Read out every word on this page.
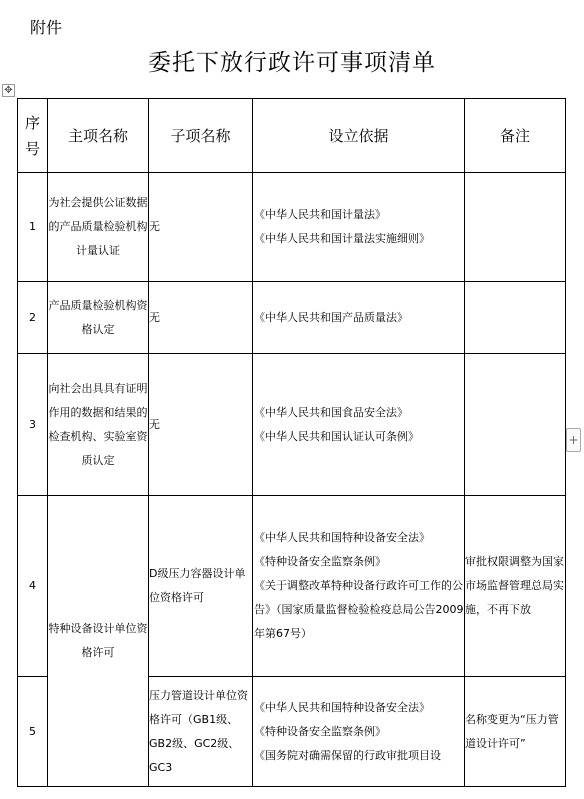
附件
委托下放行政许可事项清单
✥
+
序号	主项名称	子项名称	设立依据	备注
1	为社会提供公证数据的产品质量检验机构计量认证	无	《中华人民共和国计量法》
《中华人民共和国计量法实施细则》	

2	产品质量检验机构资格认定	无	《中华人民共和国产品质量法》	

3	向社会出具具有证明作用的数据和结果的检查机构、实验室资质认定	无	《中华人民共和国食品安全法》
《中华人民共和国认证认可条例》	

4	特种设备设计单位资格许可	D级压力容器设计单位资格许可	《中华人民共和国特种设备安全法》
《特种设备安全监察条例》
《关于调整改革特种设备行政许可工作的公告》（国家质量监督检验检疫总局公告2009年第67号）	审批权限调整为国家市场监督管理总局实施，不再下放
5		压力管道设计单位资格许可（GB1级、GB2级、GC2级、GC3	《中华人民共和国特种设备安全法》
《特种设备安全监察条例》
《国务院对确需保留的行政审批项目设	名称变更为“压力管道设计许可”
